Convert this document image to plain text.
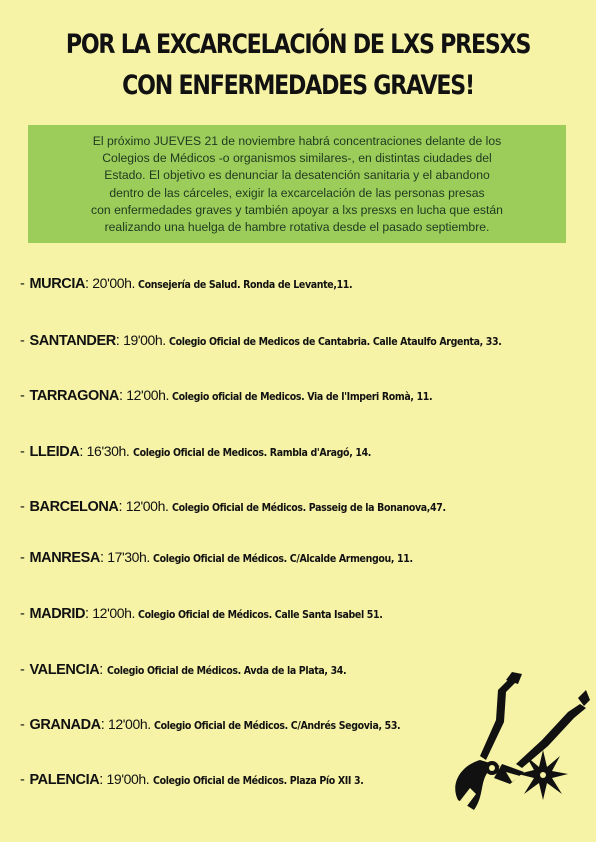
POR LA EXCARCELACIÓN DE LXS PRESXS
CON ENFERMEDADES GRAVES!

El próximo JUEVES 21 de noviembre habrá concentraciones delante de los

Colegios de Médicos -o organismos similares-, en distintas ciudades del

Estado. El objetivo es denunciar la desatención sanitaria y el abandono

dentro de las cárceles, exigir la excarcelación de las personas presas

con enfermedades graves y también apoyar a lxs presxs en lucha que están

realizando una huelga de hambre rotativa desde el pasado septiembre.

- MURCIA: 20'00h. Consejería de Salud. Ronda de Levante,11.
- SANTANDER: 19'00h. Colegio Oficial de Medicos de Cantabria. Calle Ataulfo Argenta, 33.
- TARRAGONA: 12'00h. Colegio oficial de Medicos. Via de l'Imperi Romà, 11.
- LLEIDA: 16'30h. Colegio Oficial de Medicos. Rambla d'Aragó, 14.
- BARCELONA: 12'00h. Colegio Oficial de Médicos. Passeig de la Bonanova,47.
- MANRESA: 17'30h. Colegio Oficial de Médicos. C/Alcalde Armengou, 11.
- MADRID: 12'00h. Colegio Oficial de Médicos. Calle Santa Isabel 51.
- VALENCIA: Colegio Oficial de Médicos. Avda de la Plata, 34.
- GRANADA: 12'00h. Colegio Oficial de Médicos. C/Andrés Segovia, 53.
- PALENCIA: 19'00h. Colegio Oficial de Médicos. Plaza Pío XII 3.
